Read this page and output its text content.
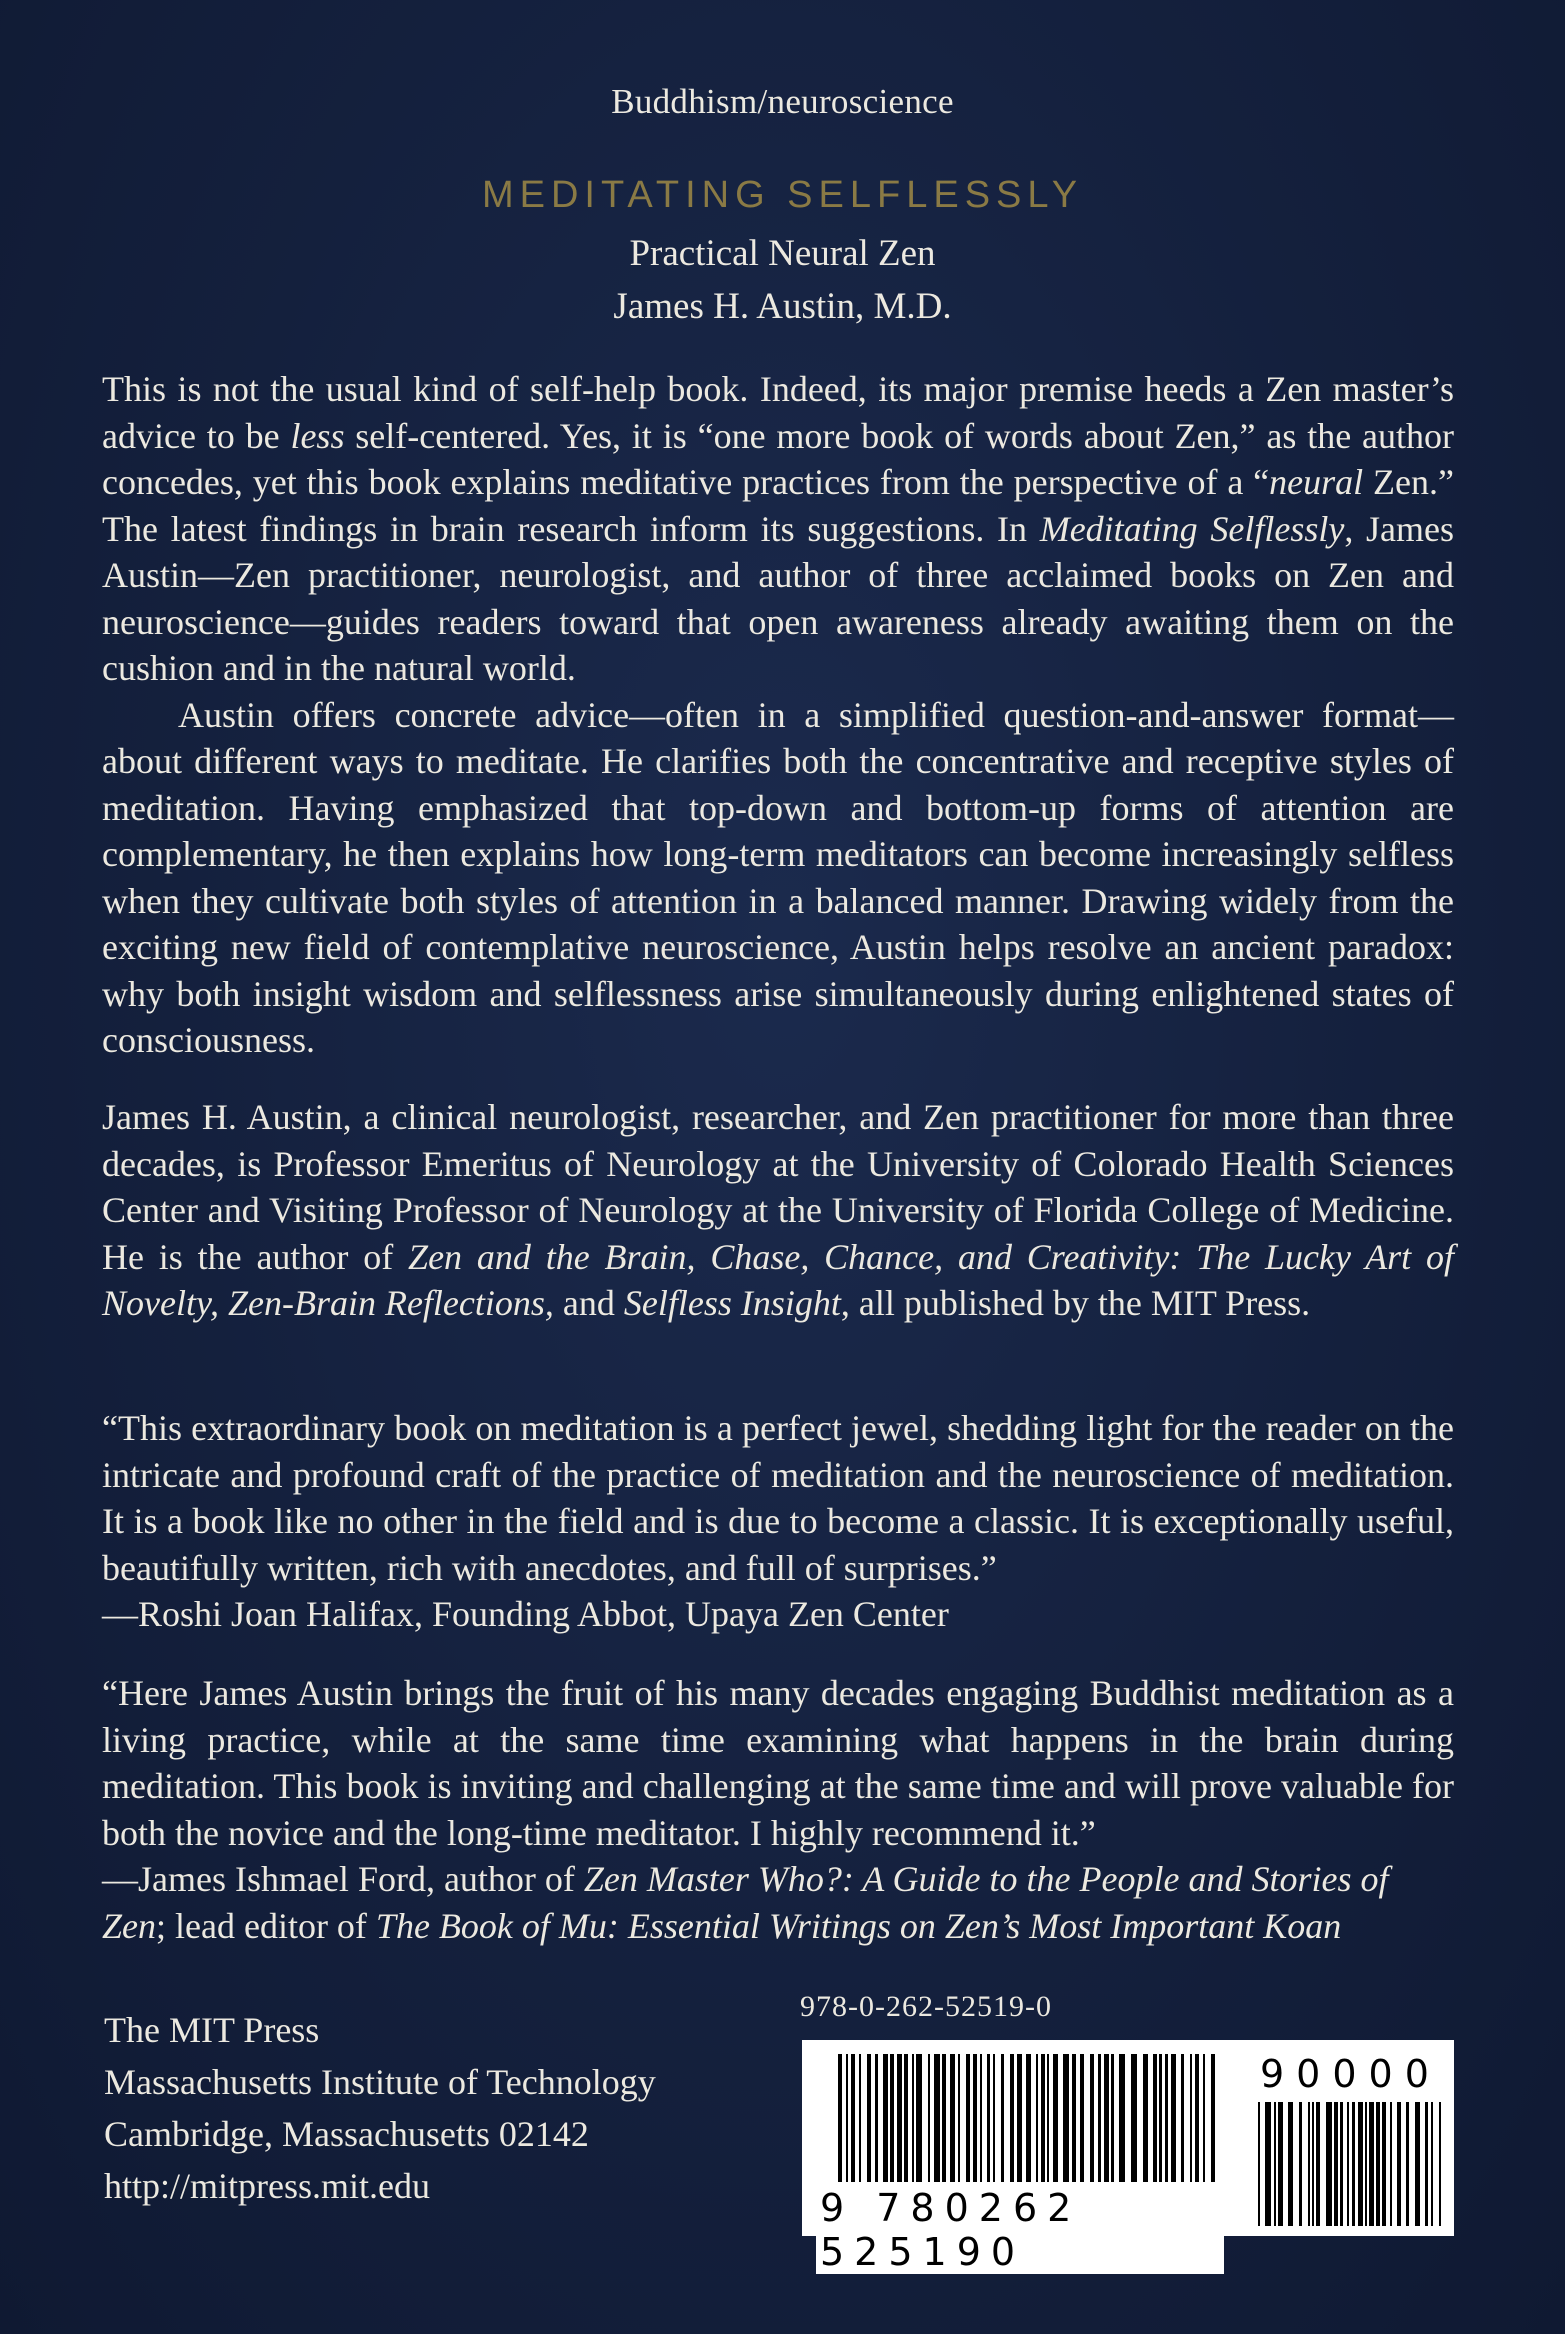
Buddhism/neuroscience
MEDITATING SELFLESSLY
Practical Neural Zen
James H. Austin, M.D.

This is not the usual kind of self-help book. Indeed, its major premise heeds a Zen master’s advice to be less self-centered. Yes, it is “one more book of words about Zen,” as the author concedes, yet this book explains meditative practices from the perspective of a “neural Zen.” The latest findings in brain research inform its suggestions. In Meditating Selflessly, James Austin—Zen practitioner, neurologist, and author of three acclaimed books on Zen and neuroscience—guides readers toward that open awareness already awaiting them on the cushion and in the natural world.

Austin offers concrete advice—often in a simplified question-and-answer format—about different ways to meditate. He clarifies both the concentrative and receptive styles of meditation. Having emphasized that top-down and bottom-up forms of attention are complementary, he then explains how long-term meditators can become increasingly selfless when they cultivate both styles of attention in a balanced manner. Drawing widely from the exciting new field of contemplative neuroscience, Austin helps resolve an ancient paradox: why both insight wisdom and selflessness arise simultaneously during enlightened states of consciousness.

James H. Austin, a clinical neurologist, researcher, and Zen practitioner for more than three decades, is Professor Emeritus of Neurology at the University of Colorado Health Sciences Center and Visiting Professor of Neurology at the University of Florida College of Medicine. He is the author of Zen and the Brain, Chase, Chance, and Creativity: The Lucky Art of Novelty, Zen-Brain Reflections, and Selfless Insight, all published by the MIT Press.

“This extraordinary book on meditation is a perfect jewel, shedding light for the reader on the intricate and profound craft of the practice of meditation and the neuroscience of meditation. It is a book like no other in the field and is due to become a classic. It is exceptionally useful, beautifully written, rich with anecdotes, and full of surprises.”

—Roshi Joan Halifax, Founding Abbot, Upaya Zen Center

“Here James Austin brings the fruit of his many decades engaging Buddhist meditation as a living practice, while at the same time examining what happens in the brain during meditation. This book is inviting and challenging at the same time and will prove valuable for both the novice and the long-time meditator. I highly recommend it.”

—James Ishmael Ford, author of Zen Master Who?: A Guide to the People and Stories of Zen; lead editor of The Book of Mu: Essential Writings on Zen’s Most Important Koan

The MIT Press
Massachusetts Institute of Technology
Cambridge, Massachusetts 02142
http://mitpress.mit.edu
978-0-262-52519-0
9 780262 525190
90000
